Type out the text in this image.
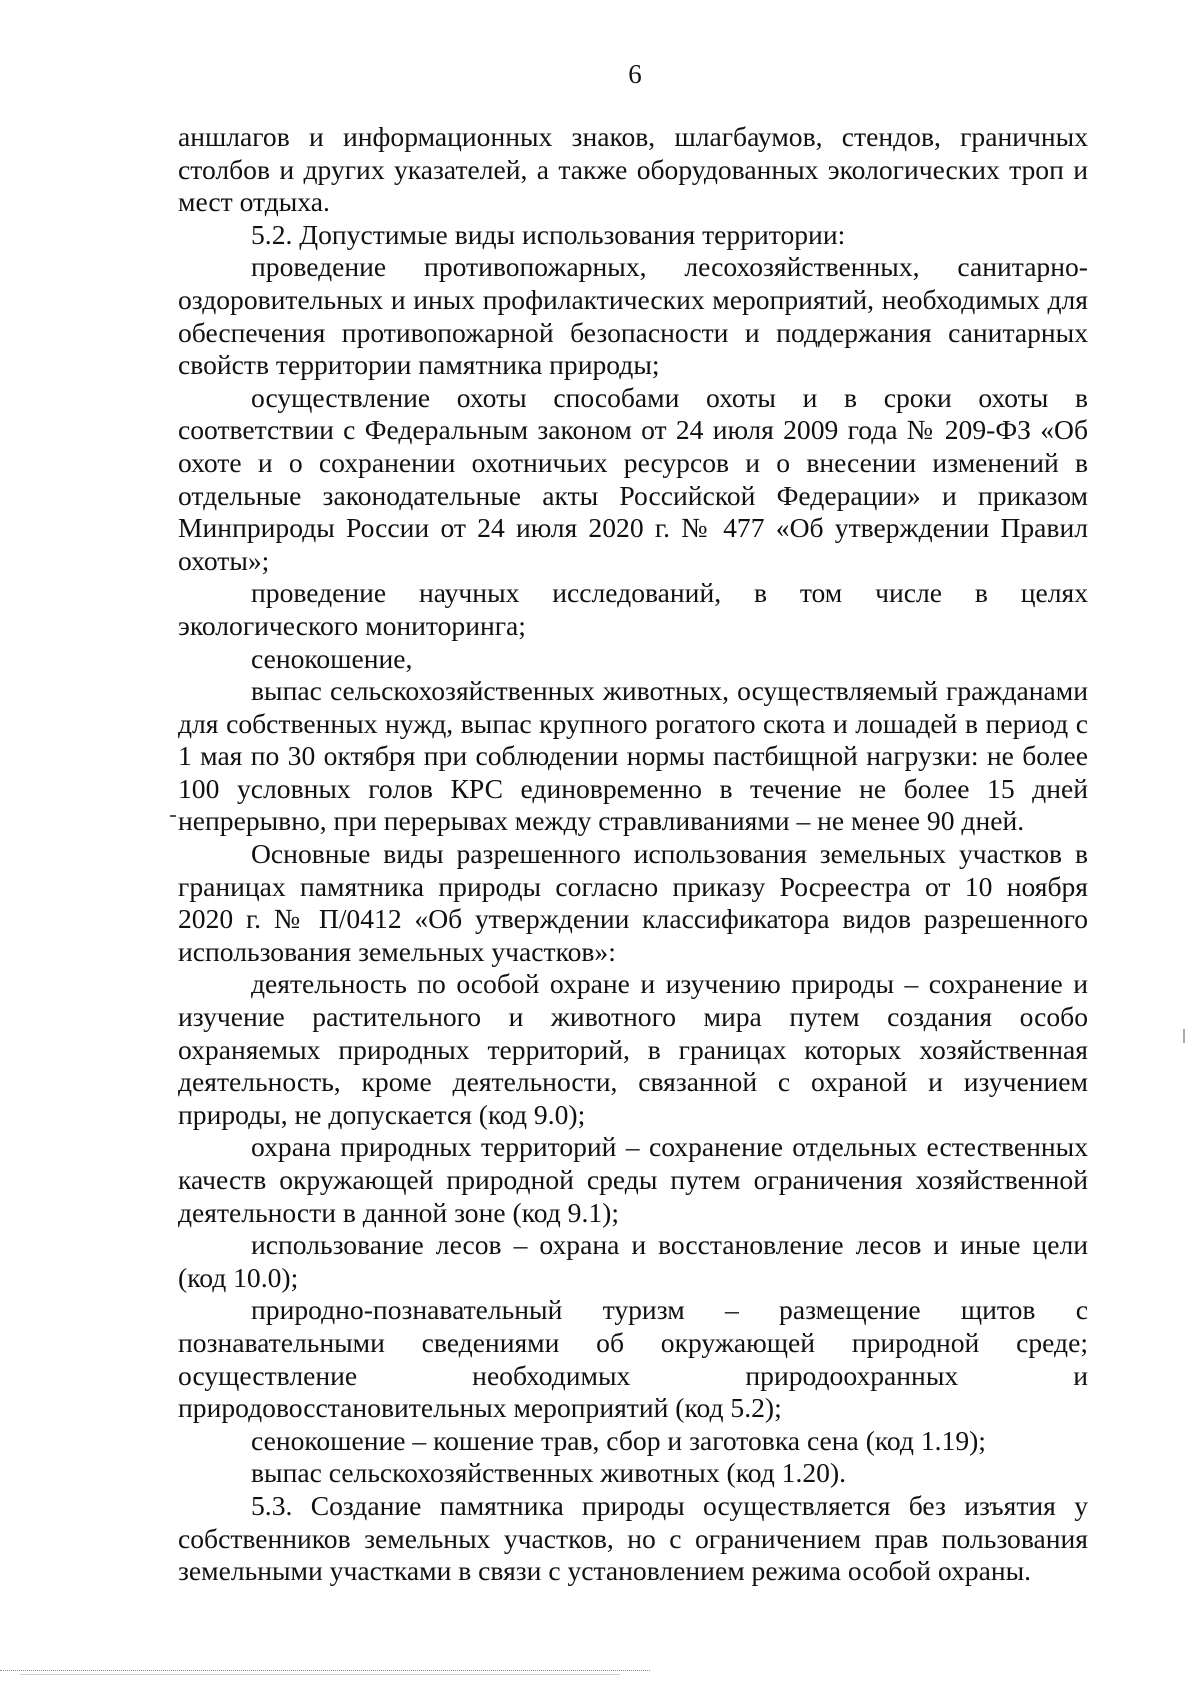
6

аншлагов и информационных знаков, шлагбаумов, стендов, граничных столбов и других указателей, а также оборудованных экологических троп и мест отдыха.

5.2. Допустимые виды использования территории:

проведение противопожарных, лесохозяйственных, санитарно-оздоровительных и иных профилактических мероприятий, необходимых для обеспечения противопожарной безопасности и поддержания санитарных свойств территории памятника природы;

осуществление охоты способами охоты и в сроки охоты в соответствии с Федеральным законом от 24 июля 2009 года № 209-ФЗ «Об охоте и о сохранении охотничьих ресурсов и о внесении изменений в отдельные законодательные акты Российской Федерации» и приказом Минприроды России от 24 июля 2020 г. № 477 «Об утверждении Правил охоты»;

проведение научных исследований, в том числе в целях экологического мониторинга;

сенокошение,

выпас сельскохозяйственных животных, осуществляемый гражданами для собственных нужд, выпас крупного рогатого скота и лошадей в период с 1 мая по 30 октября при соблюдении нормы пастбищной нагрузки: не более 100 условных голов КРС единовременно в течение не более 15 дней непрерывно, при перерывах между стравливаниями – не менее 90 дней.

Основные виды разрешенного использования земельных участков в границах памятника природы согласно приказу Росреестра от 10 ноября 2020 г. № П/0412 «Об утверждении классификатора видов разрешенного использования земельных участков»:

деятельность по особой охране и изучению природы – сохранение и изучение растительного и животного мира путем создания особо охраняемых природных территорий, в границах которых хозяйственная деятельность, кроме деятельности, связанной с охраной и изучением природы, не допускается (код 9.0);

охрана природных территорий – сохранение отдельных естественных качеств окружающей природной среды путем ограничения хозяйственной деятельности в данной зоне (код 9.1);

использование лесов – охрана и восстановление лесов и иные цели (код 10.0);

природно-познавательный туризм – размещение щитов с познавательными сведениями об окружающей природной среде; осуществление необходимых природоохранных и природовосстановительных мероприятий (код 5.2);

сенокошение – кошение трав, сбор и заготовка сена (код 1.19);

выпас сельскохозяйственных животных (код 1.20).

5.3. Создание памятника природы осуществляется без изъятия у собственников земельных участков, но с ограничением прав пользования земельными участками в связи с установлением режима особой охраны.
